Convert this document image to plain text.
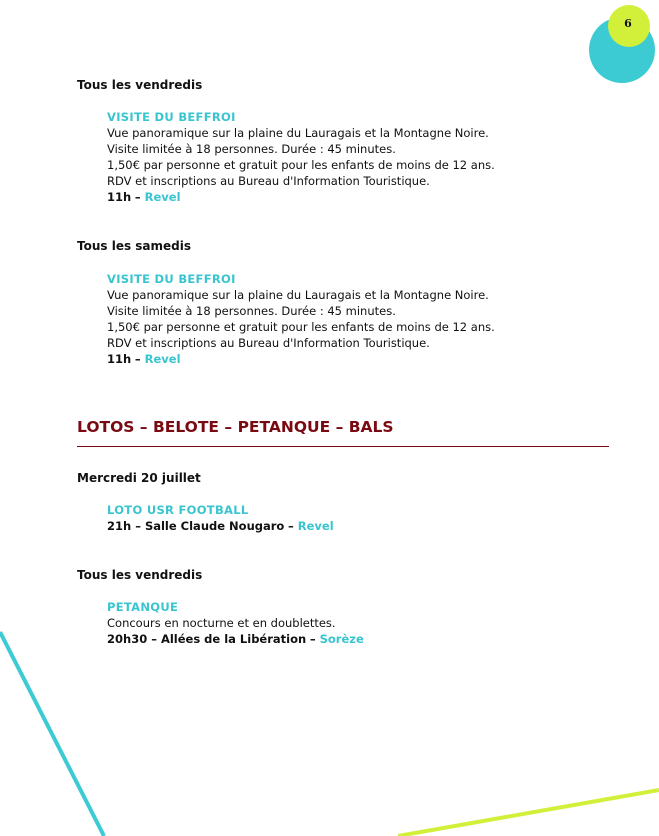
6

Tous les vendredis

VISITE DU BEFFROI
Vue panoramique sur la plaine du Lauragais et la Montagne Noire.
Visite limitée à 18 personnes. Durée : 45 minutes.
1,50€ par personne et gratuit pour les enfants de moins de 12 ans.
RDV et inscriptions au Bureau d'Information Touristique.
11h – Revel

Tous les samedis

VISITE DU BEFFROI
Vue panoramique sur la plaine du Lauragais et la Montagne Noire.
Visite limitée à 18 personnes. Durée : 45 minutes.
1,50€ par personne et gratuit pour les enfants de moins de 12 ans.
RDV et inscriptions au Bureau d'Information Touristique.
11h – Revel
LOTOS – BELOTE – PETANQUE – BALS

Mercredi 20 juillet

LOTO USR FOOTBALL
21h – Salle Claude Nougaro – Revel

Tous les vendredis

PETANQUE
Concours en nocturne et en doublettes.
20h30 – Allées de la Libération – Sorèze
